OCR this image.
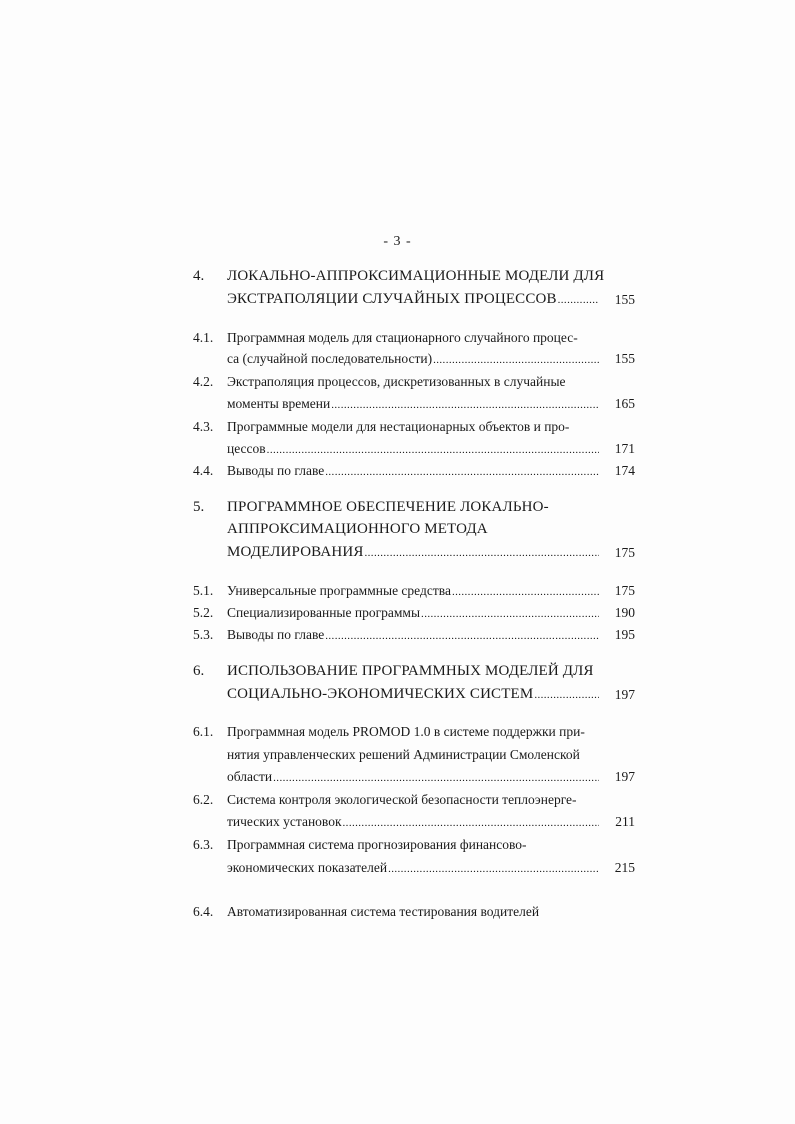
- 3 -
4. ЛОКАЛЬНО-АППРОКСИМАЦИОННЫЕ МОДЕЛИ ДЛЯ
ЭКСТРАПОЛЯЦИИ СЛУЧАЙНЫХ ПРОЦЕССОВ .....	155
4.1. Программная модель для стационарного случайного процес-
са (случайной последовательности) .....	155
4.2. Экстраполяция процессов, дискретизованных в случайные
моменты времени .....	165
4.3. Программные модели для нестационарных объектов и про-
цессов .....	171
4.4. Выводы по главе .....	174
5. ПРОГРАММНОЕ ОБЕСПЕЧЕНИЕ ЛОКАЛЬНО-
АППРОКСИМАЦИОННОГО МЕТОДА
МОДЕЛИРОВАНИЯ .....	175
5.1. Универсальные программные средства .....	175
5.2. Специализированные программы .....	190
5.3. Выводы по главе .....	195
6. ИСПОЛЬЗОВАНИЕ ПРОГРАММНЫХ МОДЕЛЕЙ ДЛЯ
СОЦИАЛЬНО-ЭКОНОМИЧЕСКИХ СИСТЕМ .....	197
6.1. Программная модель PROMOD 1.0 в системе поддержки при-
нятия управленческих решений Администрации Смоленской
области .....	197
6.2. Система контроля экологической безопасности теплоэнерге-
тических установок .....	211
6.3. Программная система прогнозирования финансово-
экономических показателей .....	215
6.4. Автоматизированная система тестирования водителей
